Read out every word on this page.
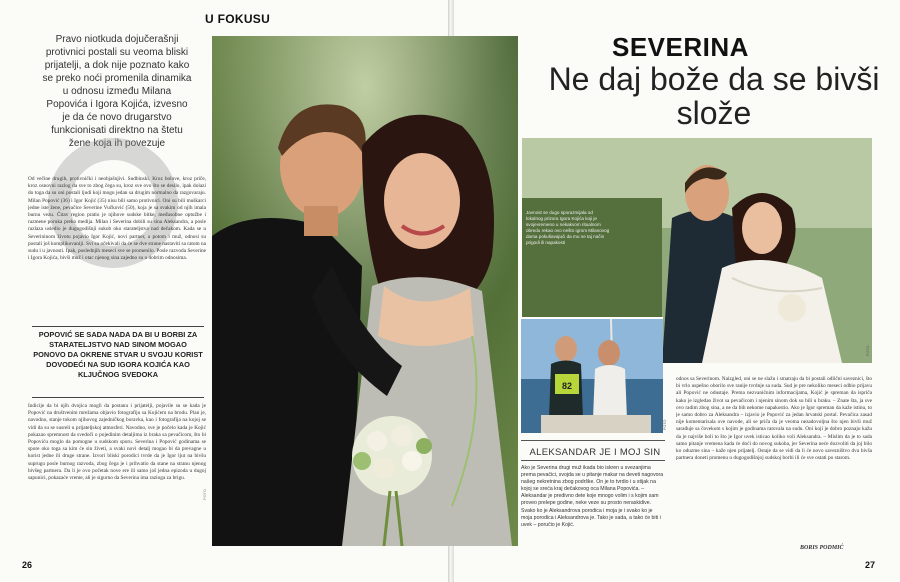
U FOKUSU
Pravo niotkuda dojučerašnji protivnici postali su veoma bliski prijatelji, a dok nije poznato kako se preko noći promenila dinamika u odnosu između Milana Popovića i Igora Kojića, izvesno je da će novo drugarstvo funkcionisati direktno na štetu žene koja ih povezuje
Od večine drugih, protivnički i neobjašnjivi. Sudbinski. Kroz bolove, kroz priče, kroz osnovni razlog da sve to zbog čega su, kroz sve ovo što se desilo, ipak dolazi do toga da su oni postali ljudi koji mogu jedan sa drugim normalno da razgovaraju. Milan Popović (36) i Igor Kojić (35) nisu bili samo protivnici. Oni su bili muškarci jedne iste žene, pevačice Severine Vučković (50), koja je sa svakim od njih imala burnu vezu. Čitav region pratio je njihove sudske bitke, međusobne optužbe i razmene poruka preko medija. Milan i Severina dobili su sina Aleksandra, a posle razlaza usledio je dugogodišnji sukob oko starateljstva nad dečakom. Kada se u Severininom životu pojavio Igor Kojić, novi partner, a potom i muž, odnosi su postali još komplikovaniji. Svi su očekivali da će se dve strane nastaviti sa ratom na sudu i u javnosti. Ipak, poslednjih meseci sve se promenilo. Posle razvoda Severine i Igora Kojića, bivši muž i otac njenog sina zajedno su u dobrim odnosima.
POPOVIĆ SE SADA NADA DA BI U BORBI ZA STARATELJSTVO NAD SINOM MOGAO PONOVO DA OKRENE STVAR U SVOJU KORIST DOVODEĆI NA SUD IGORA KOJIĆA KAO KLJUČNOG SVEDOKA
Indicije da bi njih dvojica mogli da postanu i prijatelji, pojavile su se kada je Popović na društvenim mrežama objavio fotografiju sa Kojićem na brodu. Plan je, navodno, stanje tokom njihovog zajedničkog boravka, kao i fotografija na kojoj se vidi da su se susreli u prijateljskoj atmosferi. Navodno, sve je počelo kada je Kojić pokazao spremnost da svedoči o pojedinim detaljima iz braka sa pevačicom, što bi Popoviću moglo da pomogne u sudskom sporu. Severina i Popović godinama se spore oko toga sa kim će sin živeti, a svaki novi detalj mogao bi da prevagne u korist jedne ili druge strane. Izvori bliski porodici tvrde da je Igor ljut na bivšu suprugu posle burnog razvoda, zbog čega je i prihvatio da stane na stranu njenog bivšeg partnera. Da li je ovo početak nove ere ili samo još jedna epizoda u dugoj sapunici, pokazaće vreme, ali je sigurno da Severina ima razloga za brigu.
FOTO
SEVERINA
Ne daj bože da se bivši slože
Javnost se dugo sporazmijala od lokalnog prizora Igora Kojića koji je svojevremeno u nekakvom ritualnom obredu rekao ovo nešto igrom Milanovog dama pokušavajući da mu ne taj način prigodi ili napakosti
82
FOTO
ALEKSANDAR JE I MOJ SIN
Ako je Severina drugi muž ikada bio iskren u svezanjima prema pevačici, svojda se u pitanje makar na deveti nagovora našeg nekretnina zbog podrške. On je to tvrdio i u stijak na kojoj se sreća kraj dečakovog oca Milana Popovića. – Aleksandar je predivno dete koje mnogo volim i s kojim sam proveo prelepe godine, neke veze su prosto neraskidive. Svako ko je Aleksandrova porodica i moja je i svako ko je moja porodica i Aleksandrova je. Tako je sada, a tako će biti i uvek – poručio je Kojić.
odnos sa Severinom. Naizgled, oni se ne slažu i smatraju da bi postali odlični saveznici, što bi vrlo uspešno oborilo sve ranije tvrdnje sa suda. Sud je pre nekoliko meseci odbio prijavu ali Popović ne odustaje. Prema nezvaničnim informacijama, Kojić je spreman da ispriča kako je izgledao život sa pevačicom i njenim sinom dok su bili u braku. – Znate šta, ja sve ovo radim zbog sina, a ne da bih nekome napakostio. Ako je Igor spreman da kaže istinu, to je samo dobro za Aleksandra – izjavio je Popović za jedan hrvatski portal. Pevačica zasad nije komentarisala ove navode, ali se priča da je veoma nezadovoljna što njen bivši muž sarađuje sa čovekom s kojim je godinama ratovala na sudu. Oni koji je dobro poznaju kažu da je najviše boli to što je Igor uvek isticao koliko voli Aleksandra. – Mislim da je to sada samo pitanje vremena kada će doći do novog sukoba, jer Severina neće dozvoliti da joj bilo ko oduzme sina – kaže njen prijatelj. Ostaje da se vidi da li će novo savezništvo dva bivša partnera doneti promenu u dugogodišnjoj sudskoj borbi ili će sve ostati po starom.
BORIS PODMIĆ
26	27
FOTO
